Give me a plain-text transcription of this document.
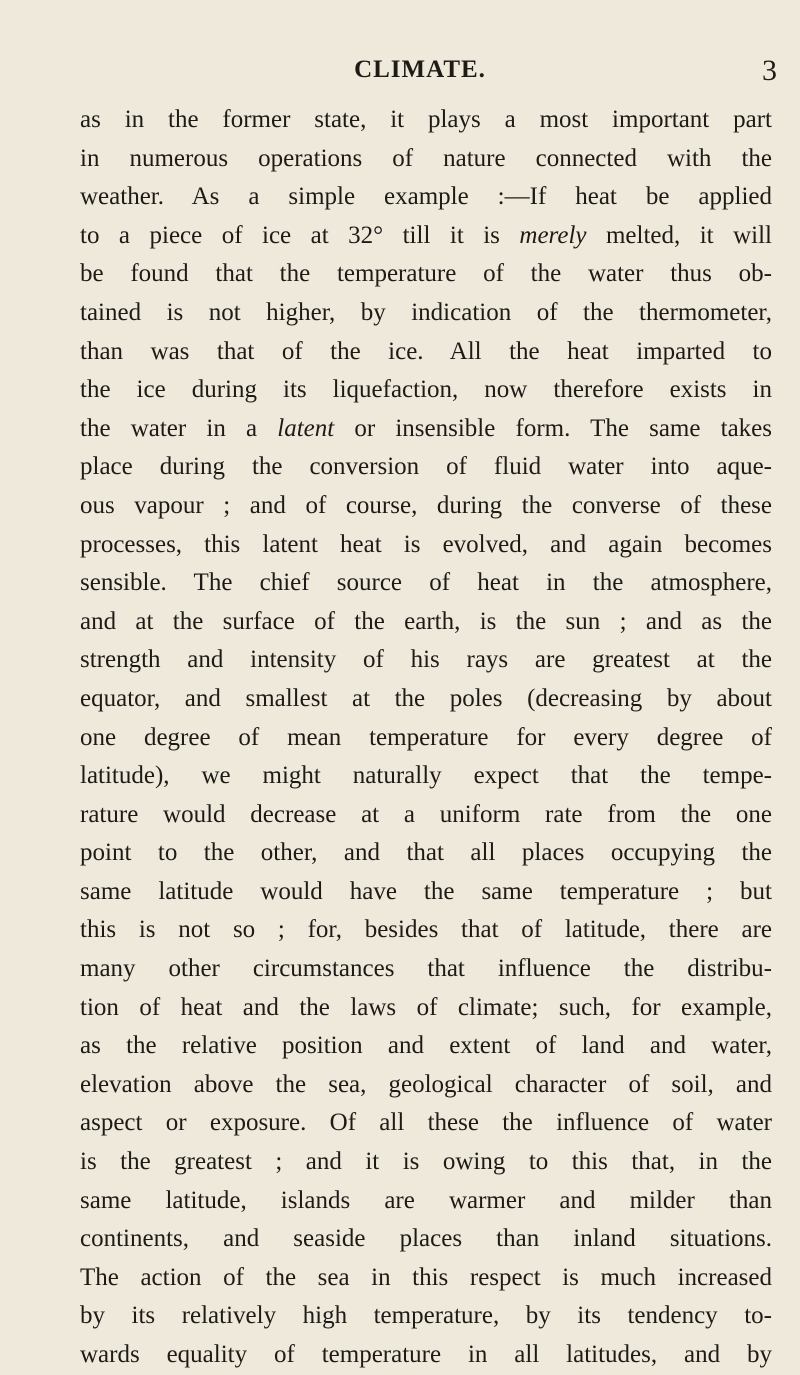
CLIMATE.	3
as in the former state, it plays a most important part
in numerous operations of nature connected with the
weather. As a simple example :—If heat be applied
to a piece of ice at 32° till it is merely melted, it will
be found that the temperature of the water thus ob-
tained is not higher, by indication of the thermometer,
than was that of the ice. All the heat imparted to
the ice during its liquefaction, now therefore exists in
the water in a latent or insensible form. The same takes
place during the conversion of fluid water into aque-
ous vapour ; and of course, during the converse of these
processes, this latent heat is evolved, and again becomes
sensible. The chief source of heat in the atmosphere,
and at the surface of the earth, is the sun ; and as the
strength and intensity of his rays are greatest at the
equator, and smallest at the poles (decreasing by about
one degree of mean temperature for every degree of
latitude), we might naturally expect that the tempe-
rature would decrease at a uniform rate from the one
point to the other, and that all places occupying the
same latitude would have the same temperature ; but
this is not so ; for, besides that of latitude, there are
many other circumstances that influence the distribu-
tion of heat and the laws of climate; such, for example,
as the relative position and extent of land and water,
elevation above the sea, geological character of soil, and
aspect or exposure. Of all these the influence of water
is the greatest ; and it is owing to this that, in the
same latitude, islands are warmer and milder than
continents, and seaside places than inland situations.
The action of the sea in this respect is much increased
by its relatively high temperature, by its tendency to-
wards equality of temperature in all latitudes, and by
